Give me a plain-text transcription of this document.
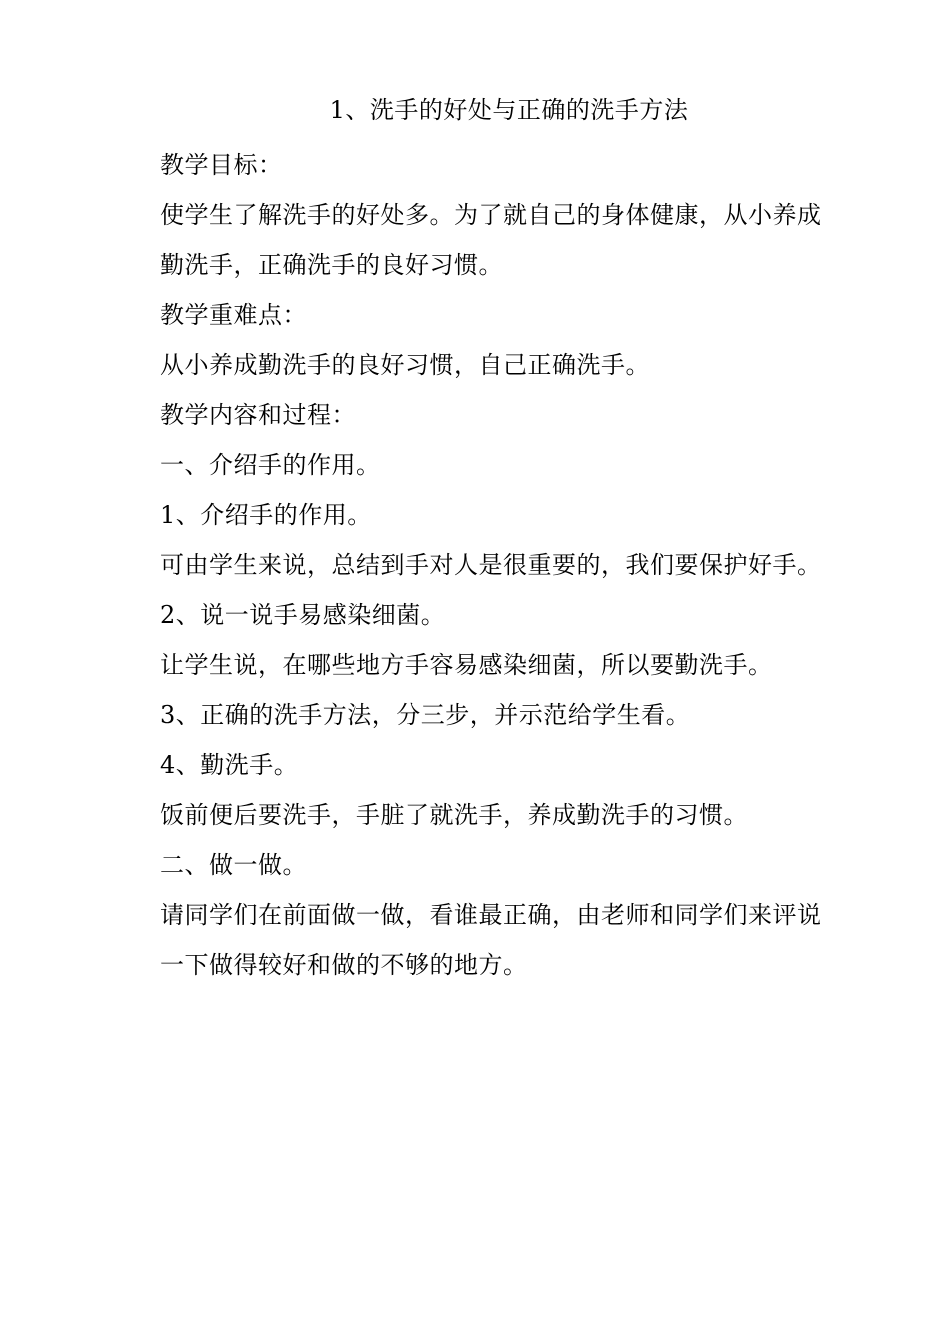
1、洗手的好处与正确的洗手方法
教学目标：
使学生了解洗手的好处多。为了就自己的身体健康，从小养成
勤洗手，正确洗手的良好习惯。
教学重难点：
从小养成勤洗手的良好习惯，自己正确洗手。
教学内容和过程：
一、介绍手的作用。
1、介绍手的作用。
可由学生来说，总结到手对人是很重要的，我们要保护好手。
2、说一说手易感染细菌。
让学生说，在哪些地方手容易感染细菌，所以要勤洗手。
3、正确的洗手方法，分三步，并示范给学生看。
4、勤洗手。
饭前便后要洗手，手脏了就洗手，养成勤洗手的习惯。
二、做一做。
请同学们在前面做一做，看谁最正确，由老师和同学们来评说
一下做得较好和做的不够的地方。
